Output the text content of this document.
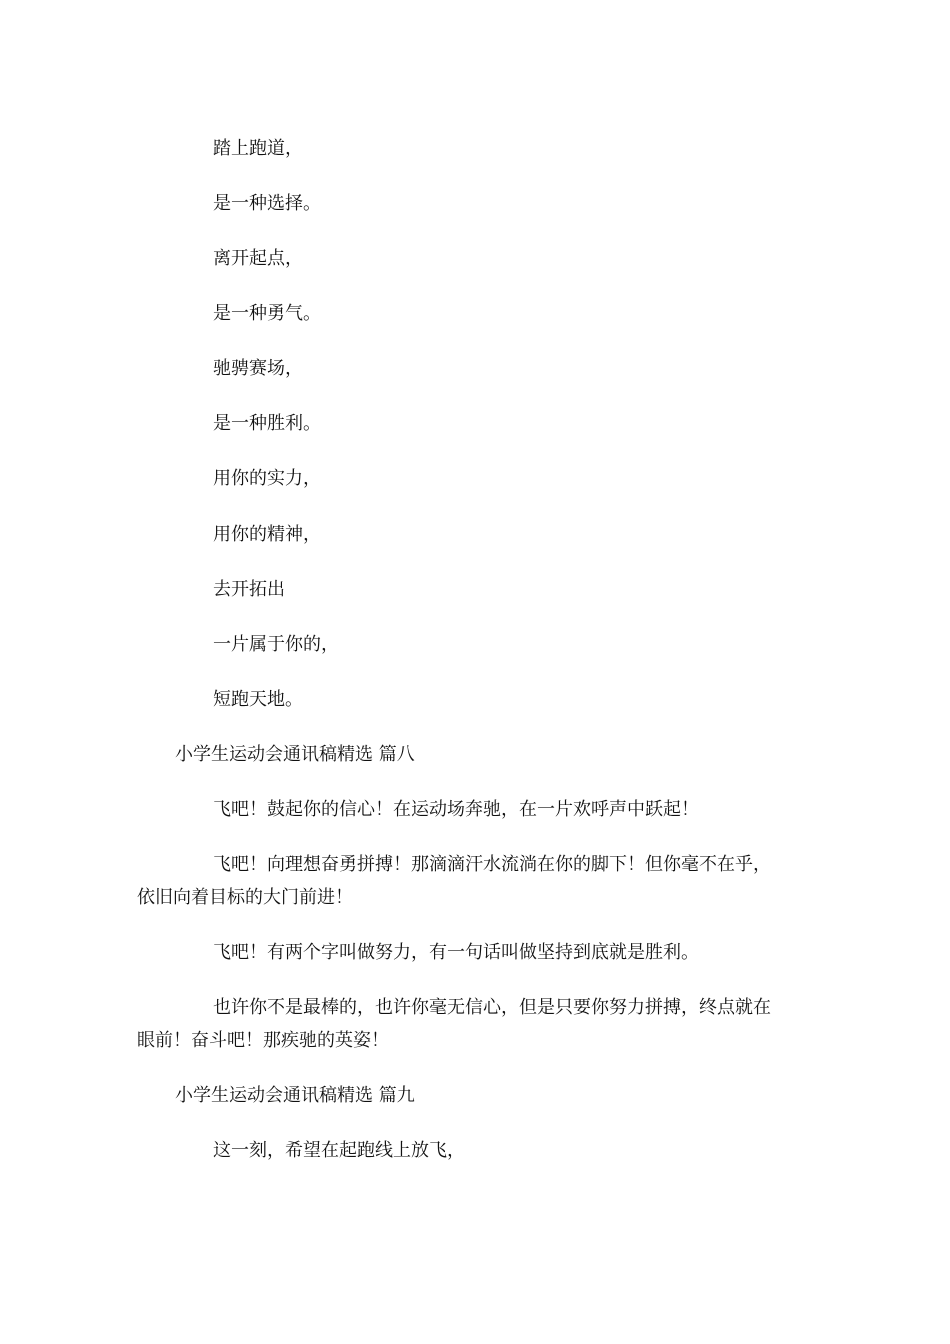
踏上跑道，
是一种选择。
离开起点，
是一种勇气。
驰骋赛场，
是一种胜利。
用你的实力，
用你的精神，
去开拓出
一片属于你的，
短跑天地。
小学生运动会通讯稿精选 篇八
飞吧！鼓起你的信心！在运动场奔驰，在一片欢呼声中跃起！
飞吧！向理想奋勇拼搏！那滴滴汗水流淌在你的脚下！但你毫不在乎，
依旧向着目标的大门前进！
飞吧！有两个字叫做努力，有一句话叫做坚持到底就是胜利。
也许你不是最棒的，也许你毫无信心，但是只要你努力拼搏，终点就在
眼前！奋斗吧！那疾驰的英姿！
小学生运动会通讯稿精选 篇九
这一刻，希望在起跑线上放飞，
